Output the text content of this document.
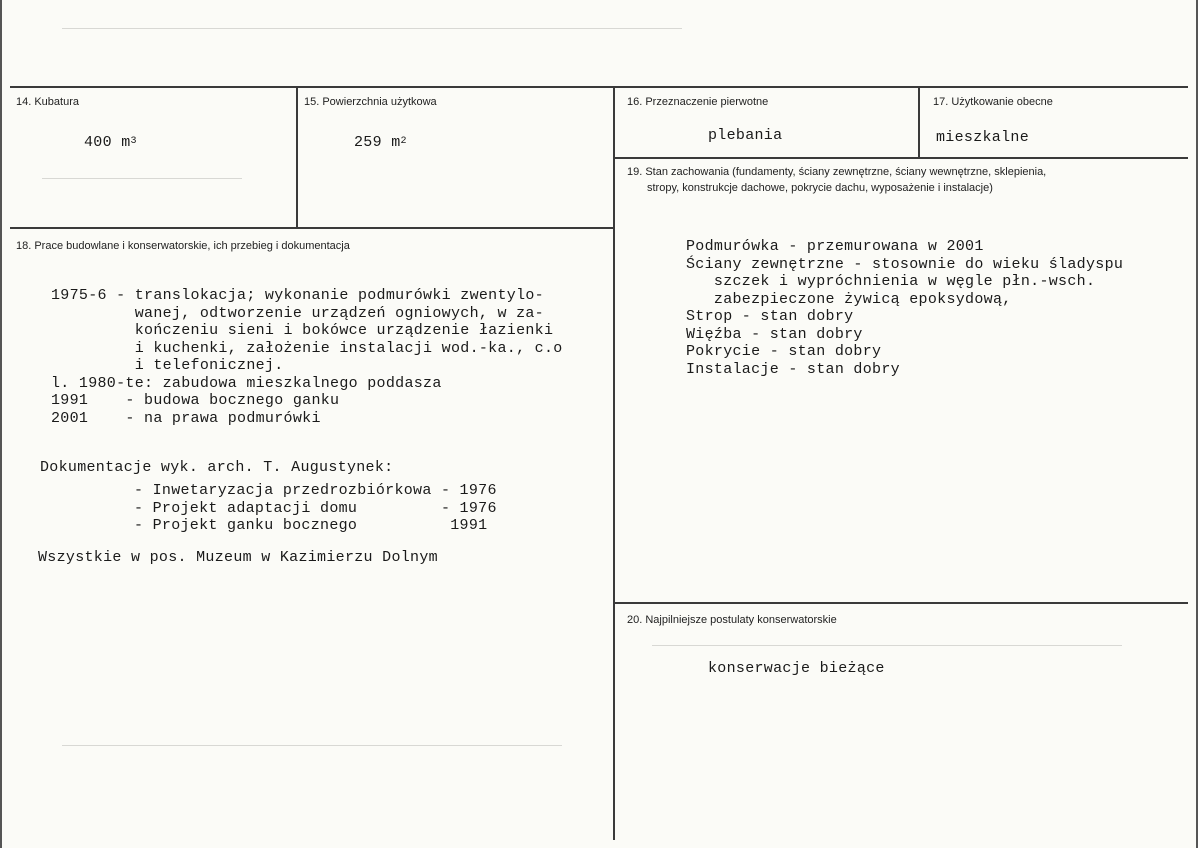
14. Kubatura
400 $m^3$
15. Powierzchnia użytkowa
259 $m^2$
16. Przeznaczenie pierwotne
plebania
17. Użytkowanie obecne
mieszkalne
19. Stan zachowania (fundamenty, ściany zewnętrzne, ściany wewnętrzne, sklepienia,
stropy, konstrukcje dachowe, pokrycie dachu, wyposażenie i instalacje)
Podmurówka - przemurowana w 2001
Ściany zewnętrzne - stosownie do wieku śladyspu
szczek i wypróchnienia w węgle płn.-wsch.
zabezpieczone żywicą epoksydową,
Strop - stan dobry
Więźba - stan dobry
Pokrycie - stan dobry
Instalacje - stan dobry
18. Prace budowlane i konserwatorskie, ich przebieg i dokumentacja
1975-6 - translokacja; wykonanie podmurówki zwentylo-
wanej, odtworzenie urządzeń ogniowych, w za-
kończeniu sieni i bokówce urządzenie łazienki
i kuchenki, założenie instalacji wod.-ka., c.o
i telefonicznej.
l. 1980-te: zabudowa mieszkalnego poddasza
1991    - budowa bocznego ganku
2001    - na prawa podmurówki
Dokumentacje wyk. arch. T. Augustynek:
- Inwetaryzacja przedrozbiórkowa - 1976
- Projekt adaptacji domu         - 1976
- Projekt ganku bocznego          1991
Wszystkie w pos. Muzeum w Kazimierzu Dolnym
20. Najpilniejsze postulaty konserwatorskie
konserwacje bieżące
